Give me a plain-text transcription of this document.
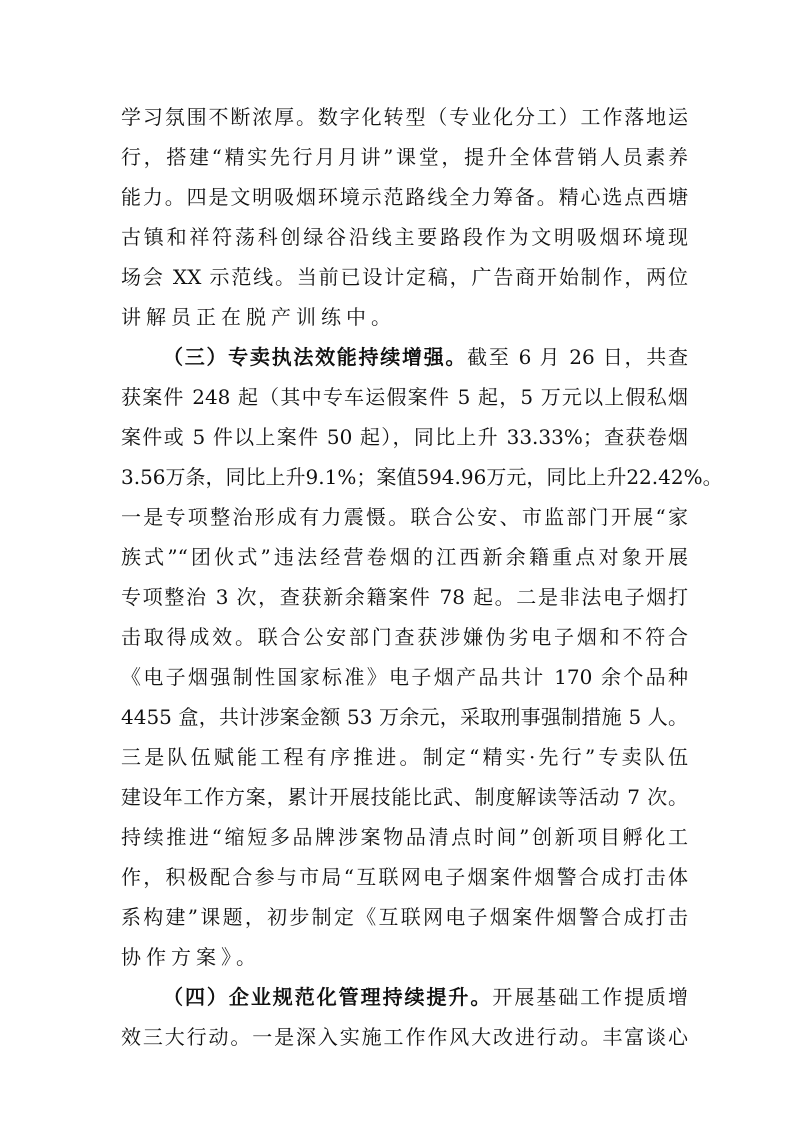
学习氛围不断浓厚。数字化转型（专业化分工）工作落地运
行，搭建“精实先行月月讲”课堂，提升全体营销人员素养
能力。四是文明吸烟环境示范路线全力筹备。精心选点西塘
古镇和祥符荡科创绿谷沿线主要路段作为文明吸烟环境现
场会 XX 示范线。当前已设计定稿，广告商开始制作，两位
讲解员正在脱产训练中。
（三）专卖执法效能持续增强。截至 6 月 26 日，共查
获案件 248 起（其中专车运假案件 5 起，5 万元以上假私烟
案件或 5 件以上案件 50 起），同比上升 33.33%；查获卷烟
3.56万条，同比上升9.1%；案值594.96万元，同比上升22.42%。
一是专项整治形成有力震慑。联合公安、市监部门开展“家
族式”“团伙式”违法经营卷烟的江西新余籍重点对象开展
专项整治 3 次，查获新余籍案件 78 起。二是非法电子烟打
击取得成效。联合公安部门查获涉嫌伪劣电子烟和不符合
《电子烟强制性国家标准》电子烟产品共计 170 余个品种
4455 盒，共计涉案金额 53 万余元，采取刑事强制措施 5 人。
三是队伍赋能工程有序推进。制定“精实·先行”专卖队伍
建设年工作方案，累计开展技能比武、制度解读等活动 7 次。
持续推进“缩短多品牌涉案物品清点时间”创新项目孵化工
作，积极配合参与市局“互联网电子烟案件烟警合成打击体
系构建”课题，初步制定《互联网电子烟案件烟警合成打击
协作方案》。
（四）企业规范化管理持续提升。开展基础工作提质增
效三大行动。一是深入实施工作作风大改进行动。丰富谈心
